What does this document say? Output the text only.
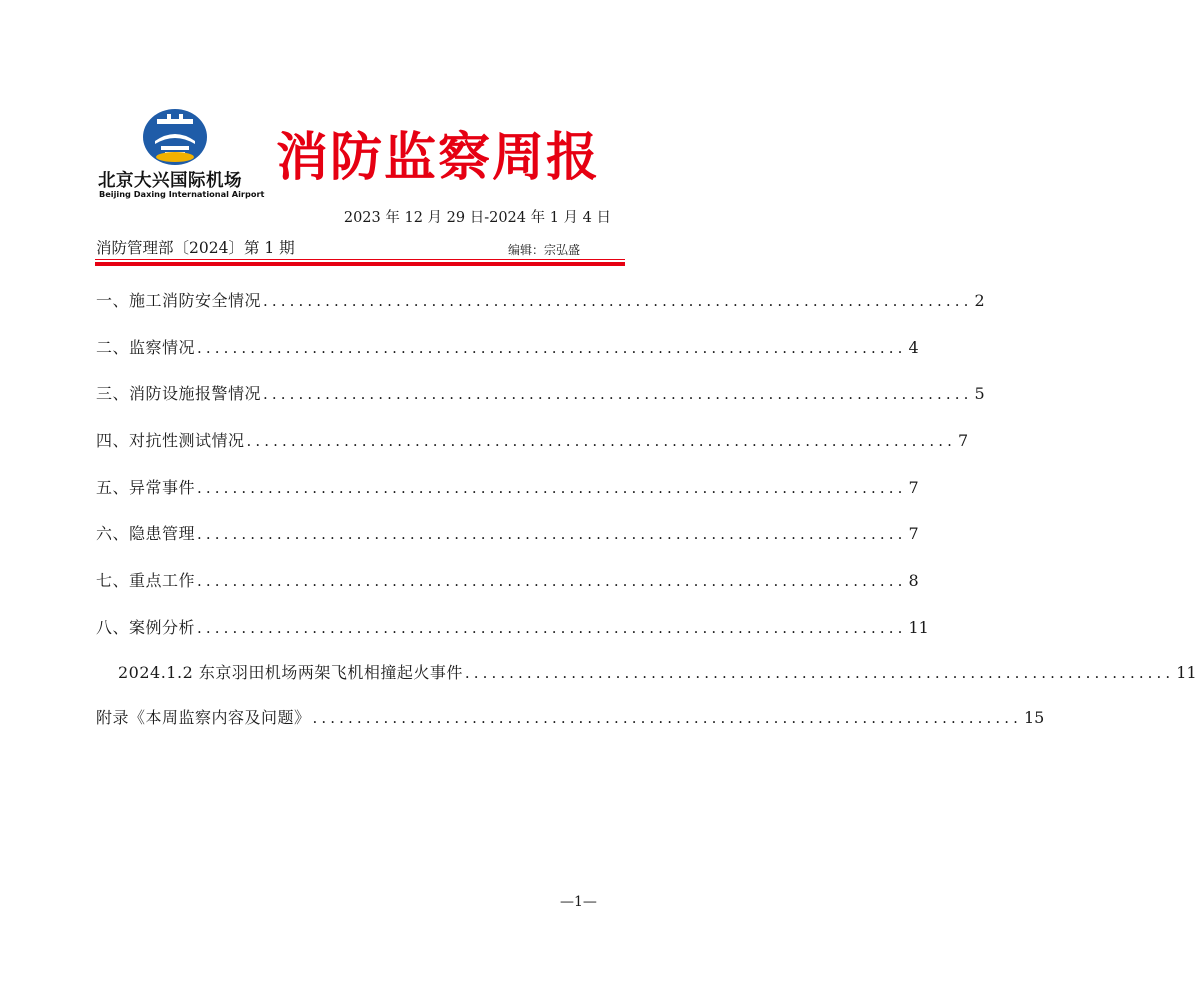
北京大兴国际机场
Beijing Daxing International Airport
消防监察周报
2023 年 12 月 29 日-2024 年 1 月 4 日
消防管理部〔2024〕第 1 期	编辑：宗弘盛
一、施工消防安全情况 ................................................................................ 2
二、监察情况 ................................................................................ 4
三、消防设施报警情况 ................................................................................ 5
四、对抗性测试情况 ................................................................................ 7
五、异常事件 ................................................................................ 7
六、隐患管理 ................................................................................ 7
七、重点工作 ................................................................................ 8
八、案例分析 ................................................................................ 11
2024.1.2 东京羽田机场两架飞机相撞起火事件 ................................................................................ 11
附录《本周监察内容及问题》 ................................................................................ 15
—1—
